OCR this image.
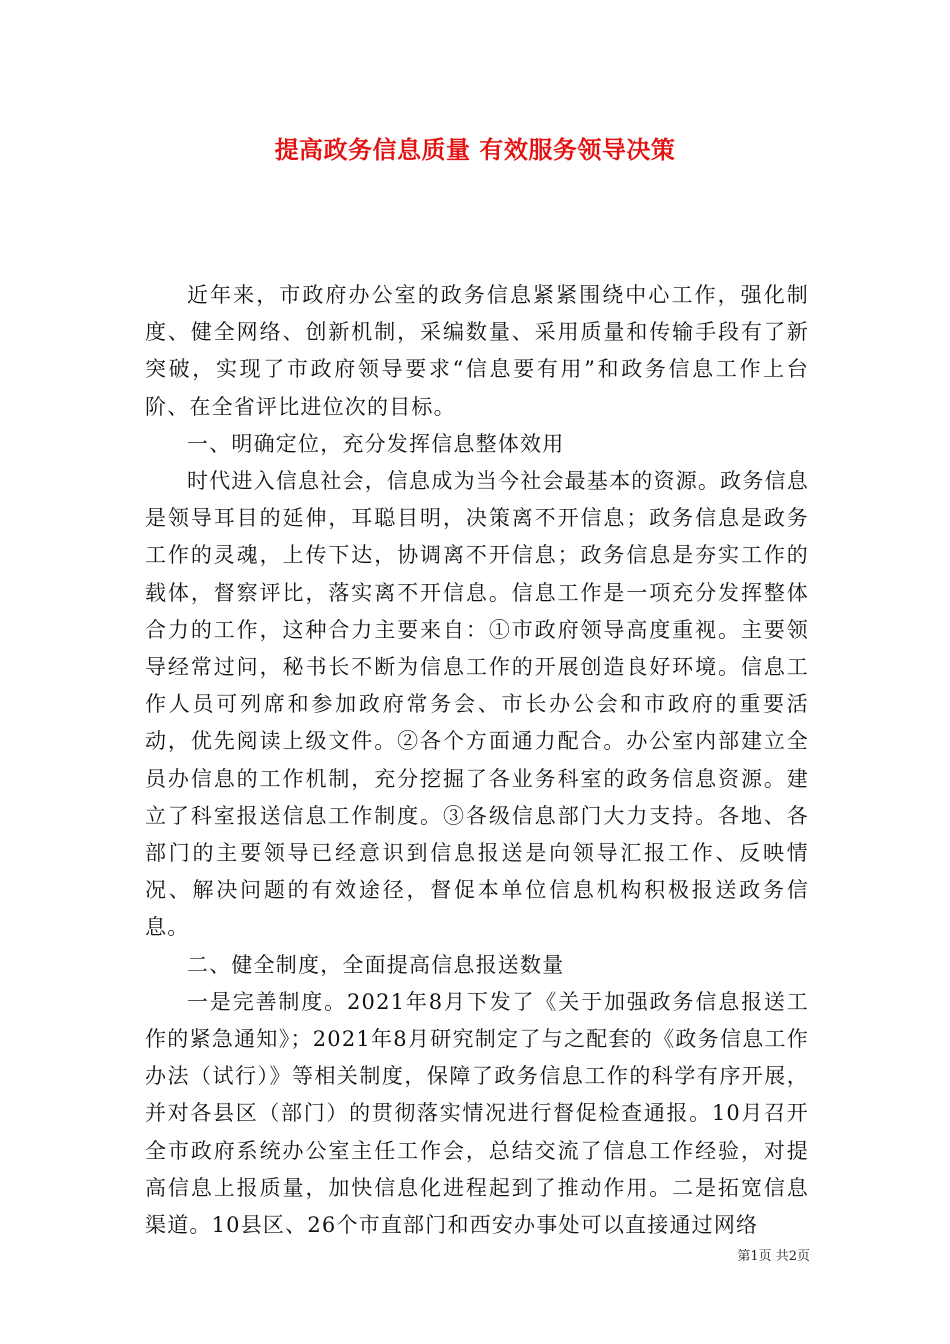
提高政务信息质量 有效服务领导决策

近年来，市政府办公室的政务信息紧紧围绕中心工作，强化制度、健全网络、创新机制，采编数量、采用质量和传输手段有了新突破，实现了市政府领导要求“信息要有用”和政务信息工作上台阶、在全省评比进位次的目标。

一、明确定位，充分发挥信息整体效用

时代进入信息社会，信息成为当今社会最基本的资源。政务信息是领导耳目的延伸，耳聪目明，决策离不开信息；政务信息是政务工作的灵魂，上传下达，协调离不开信息；政务信息是夯实工作的载体，督察评比，落实离不开信息。信息工作是一项充分发挥整体合力的工作，这种合力主要来自：①市政府领导高度重视。主要领导经常过问，秘书长不断为信息工作的开展创造良好环境。信息工作人员可列席和参加政府常务会、市长办公会和市政府的重要活动，优先阅读上级文件。②各个方面通力配合。办公室内部建立全员办信息的工作机制，充分挖掘了各业务科室的政务信息资源。建立了科室报送信息工作制度。③各级信息部门大力支持。各地、各部门的主要领导已经意识到信息报送是向领导汇报工作、反映情况、解决问题的有效途径，督促本单位信息机构积极报送政务信息。

二、健全制度，全面提高信息报送数量

一是完善制度。2021年8月下发了《关于加强政务信息报送工作的紧急通知》；2021年8月研究制定了与之配套的《政务信息工作办法（试行）》等相关制度，保障了政务信息工作的科学有序开展，并对各县区（部门）的贯彻落实情况进行督促检查通报。10月召开全市政府系统办公室主任工作会，总结交流了信息工作经验，对提高信息上报质量，加快信息化进程起到了推动作用。二是拓宽信息渠道。10县区、26个市直部门和西安办事处可以直接通过网络

第1页 共2页
